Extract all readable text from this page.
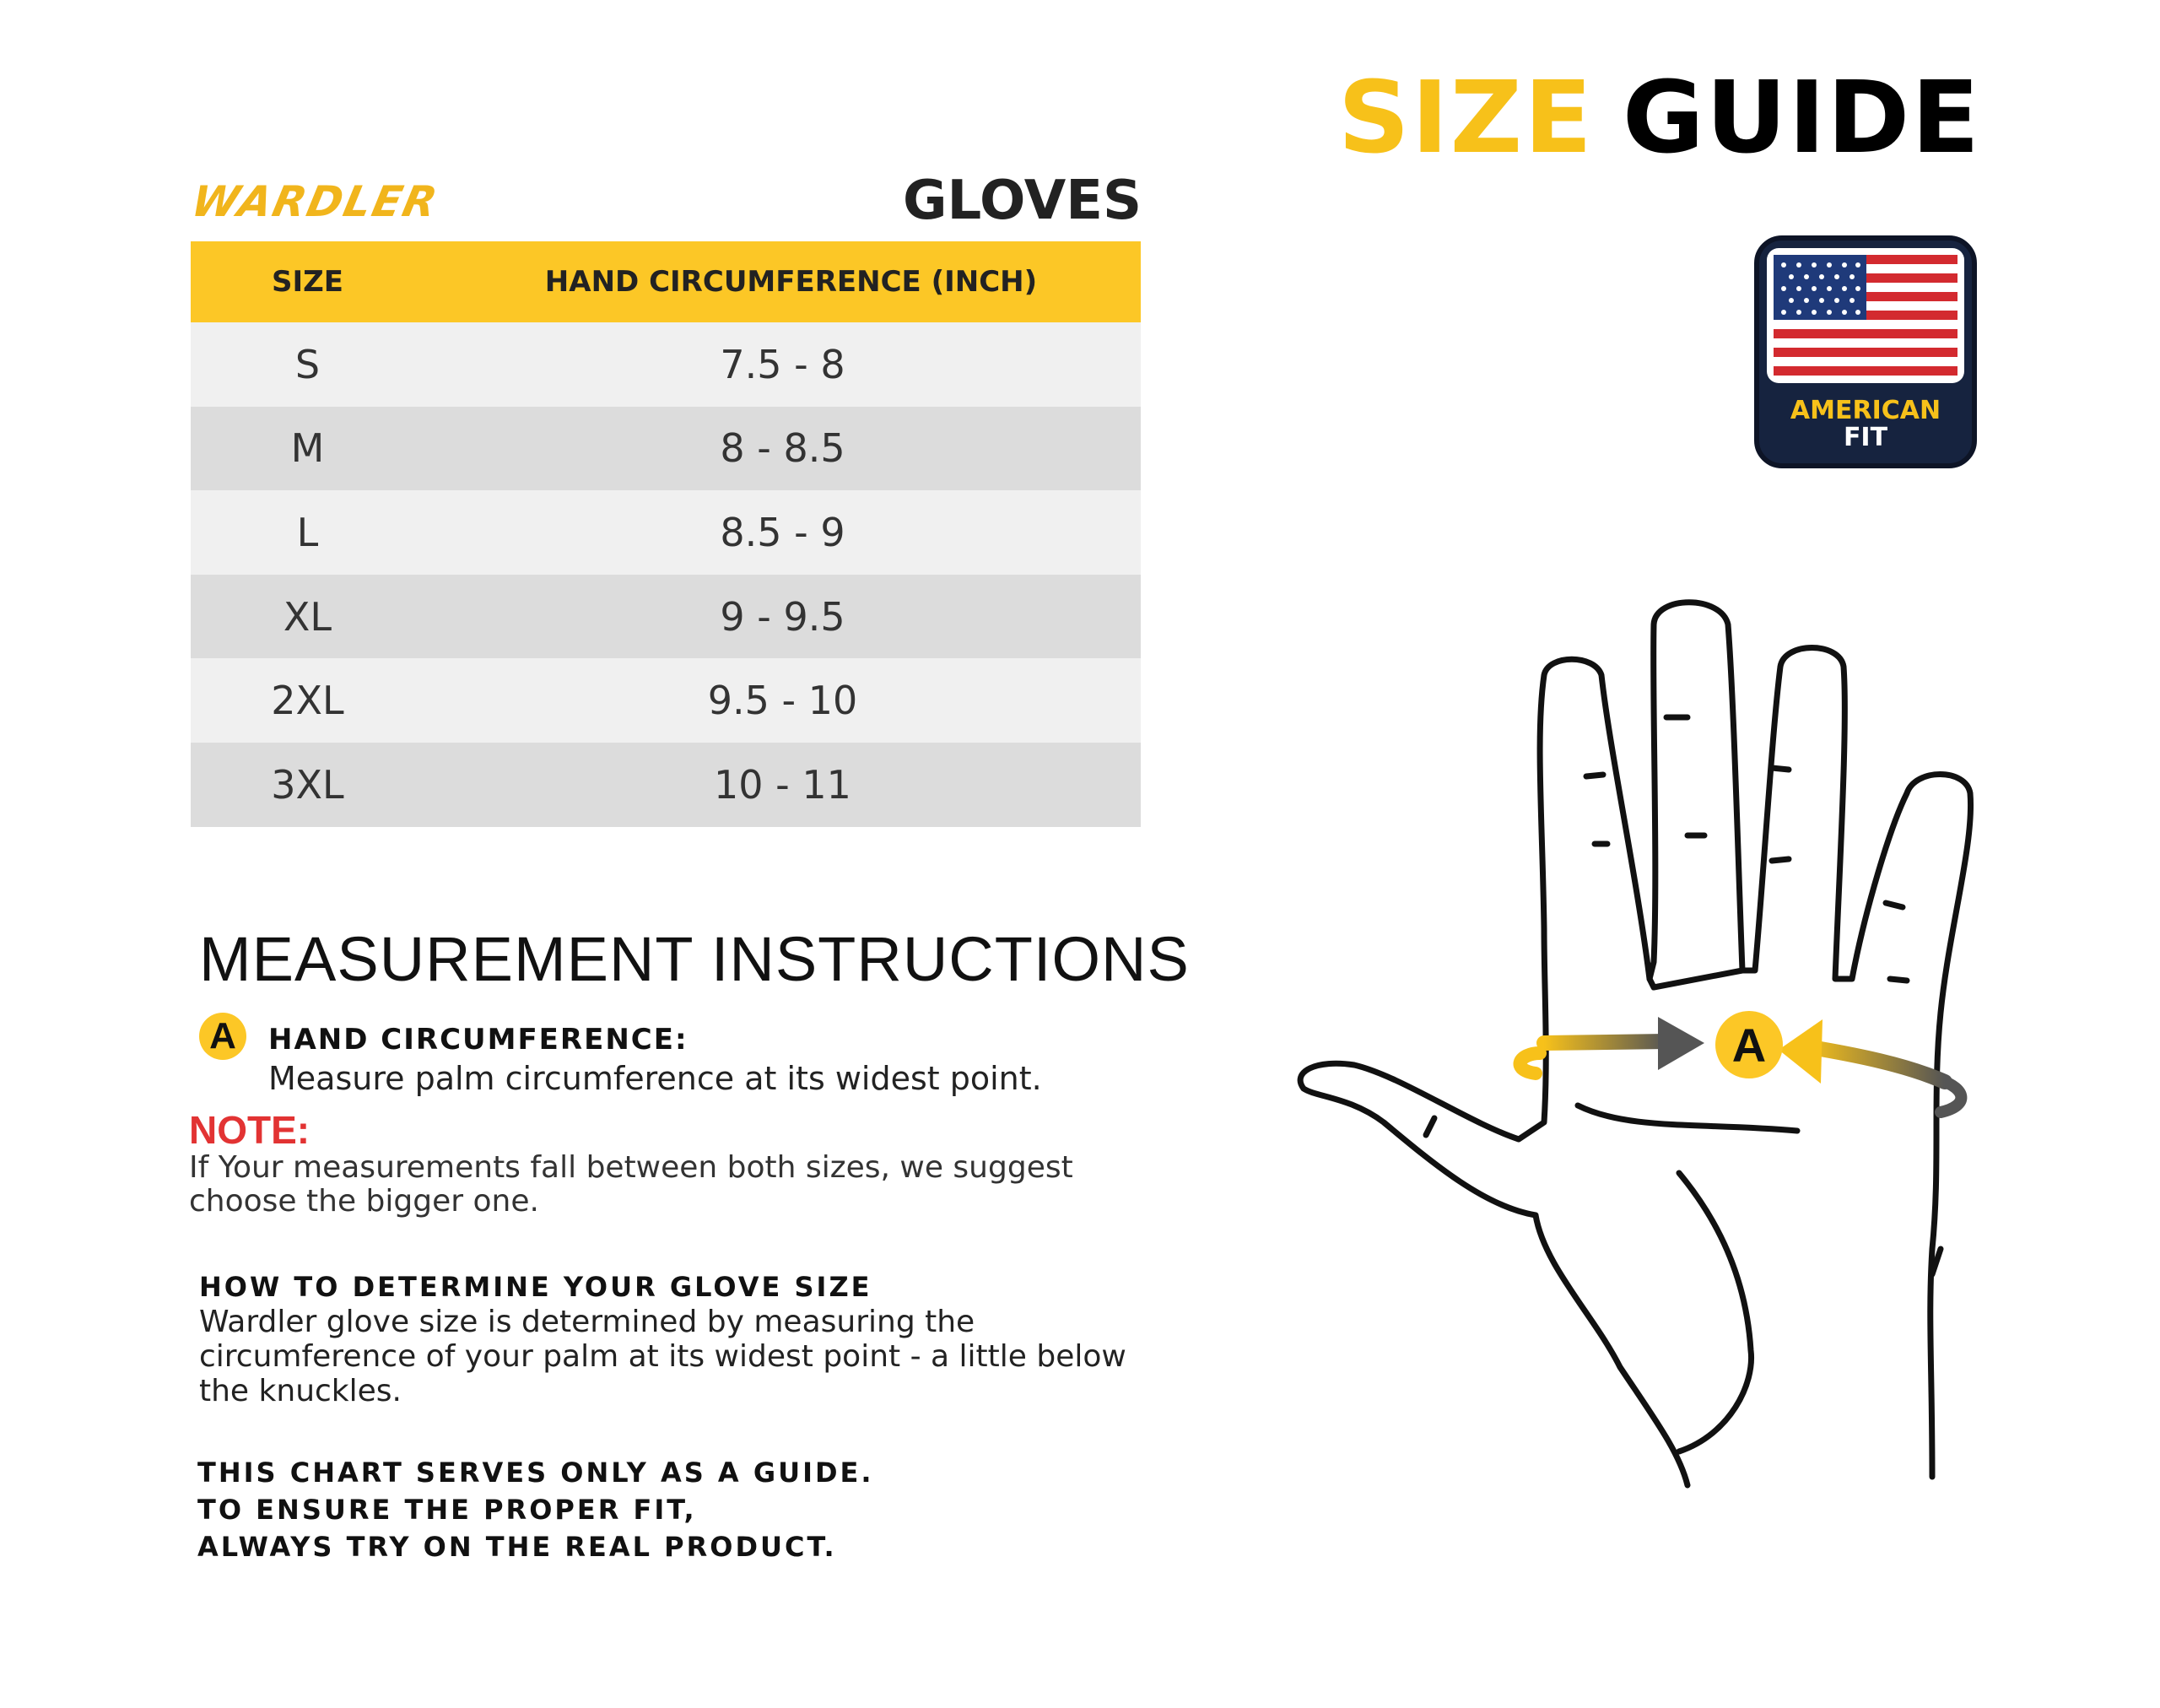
SIZE GUIDE
WARDLER	GLOVES
SIZE	HAND CIRCUMFERENCE (INCH)
S	7.5 - 8
M	8 - 8.5
L	8.5 - 9
XL	9 - 9.5
2XL	9.5 - 10
3XL	10 - 11
MEASUREMENT INSTRUCTIONS
A	HAND CIRCUMFERENCE:
Measure palm circumference at its widest point.
NOTE:
If Your measurements fall between both sizes, we suggest choose the bigger one.
HOW TO DETERMINE YOUR GLOVE SIZE
Wardler glove size is determined by measuring the circumference of your palm at its widest point - a little below the knuckles.
THIS CHART SERVES ONLY AS A GUIDE.
TO ENSURE THE PROPER FIT,
ALWAYS TRY ON THE REAL PRODUCT.
AMERICAN
FIT
A
